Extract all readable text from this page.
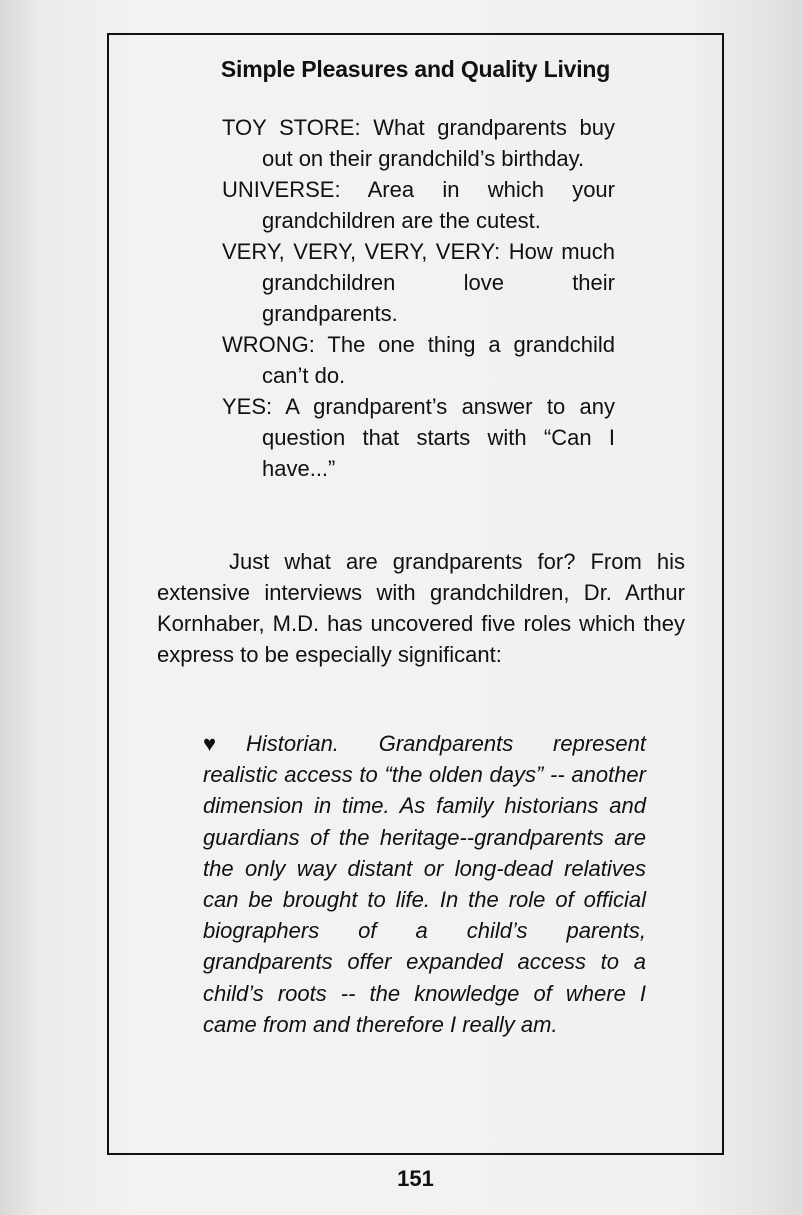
Simple Pleasures and Quality Living
TOY STORE: What grandparents buy out on their grandchild’s birthday.
UNIVERSE: Area in which your grandchildren are the cutest.
VERY, VERY, VERY, VERY: How much grandchildren love their grandparents.
WRONG: The one thing a grandchild can’t do.
YES: A grandparent’s answer to any question that starts with “Can I have...”
Just what are grandparents for? From his extensive interviews with grandchildren, Dr. Arthur Kornhaber, M.D. has uncovered five roles which they express to be especially significant:
♥	Historian. Grandparents represent realistic access to “the olden days” -- another dimension in time. As family historians and guardians of the heritage--grandparents are the only way distant or long-dead relatives can be brought to life. In the role of official biographers of a child’s parents, grandparents offer expanded access to a child’s roots -- the knowledge of where I came from and therefore I really am.
151
